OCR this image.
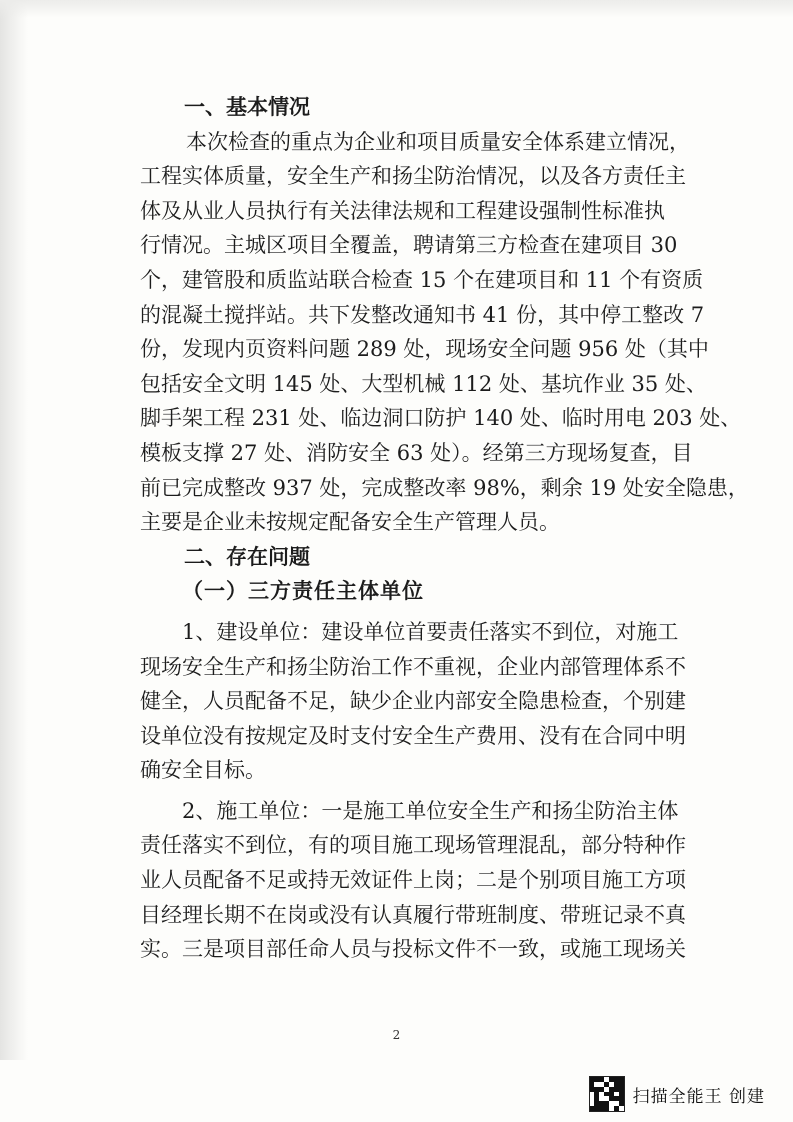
一、基本情况
本次检查的重点为企业和项目质量安全体系建立情况，
工程实体质量，安全生产和扬尘防治情况，以及各方责任主
体及从业人员执行有关法律法规和工程建设强制性标准执
行情况。主城区项目全覆盖，聘请第三方检查在建项目 30
个，建管股和质监站联合检查 15 个在建项目和 11 个有资质
的混凝土搅拌站。共下发整改通知书 41 份，其中停工整改 7
份，发现内页资料问题 289 处，现场安全问题 956 处（其中
包括安全文明 145 处、大型机械 112 处、基坑作业 35 处、
脚手架工程 231 处、临边洞口防护 140 处、临时用电 203 处、
模板支撑 27 处、消防安全 63 处）。经第三方现场复查，目
前已完成整改 937 处，完成整改率 98%，剩余 19 处安全隐患，
主要是企业未按规定配备安全生产管理人员。
二、存在问题
（一）三方责任主体单位
1、建设单位：建设单位首要责任落实不到位，对施工
现场安全生产和扬尘防治工作不重视，企业内部管理体系不
健全，人员配备不足，缺少企业内部安全隐患检查，个别建
设单位没有按规定及时支付安全生产费用、没有在合同中明
确安全目标。
2、施工单位：一是施工单位安全生产和扬尘防治主体
责任落实不到位，有的项目施工现场管理混乱，部分特种作
业人员配备不足或持无效证件上岗；二是个别项目施工方项
目经理长期不在岗或没有认真履行带班制度、带班记录不真
实。三是项目部任命人员与投标文件不一致，或施工现场关
2
扫描全能王 创建
